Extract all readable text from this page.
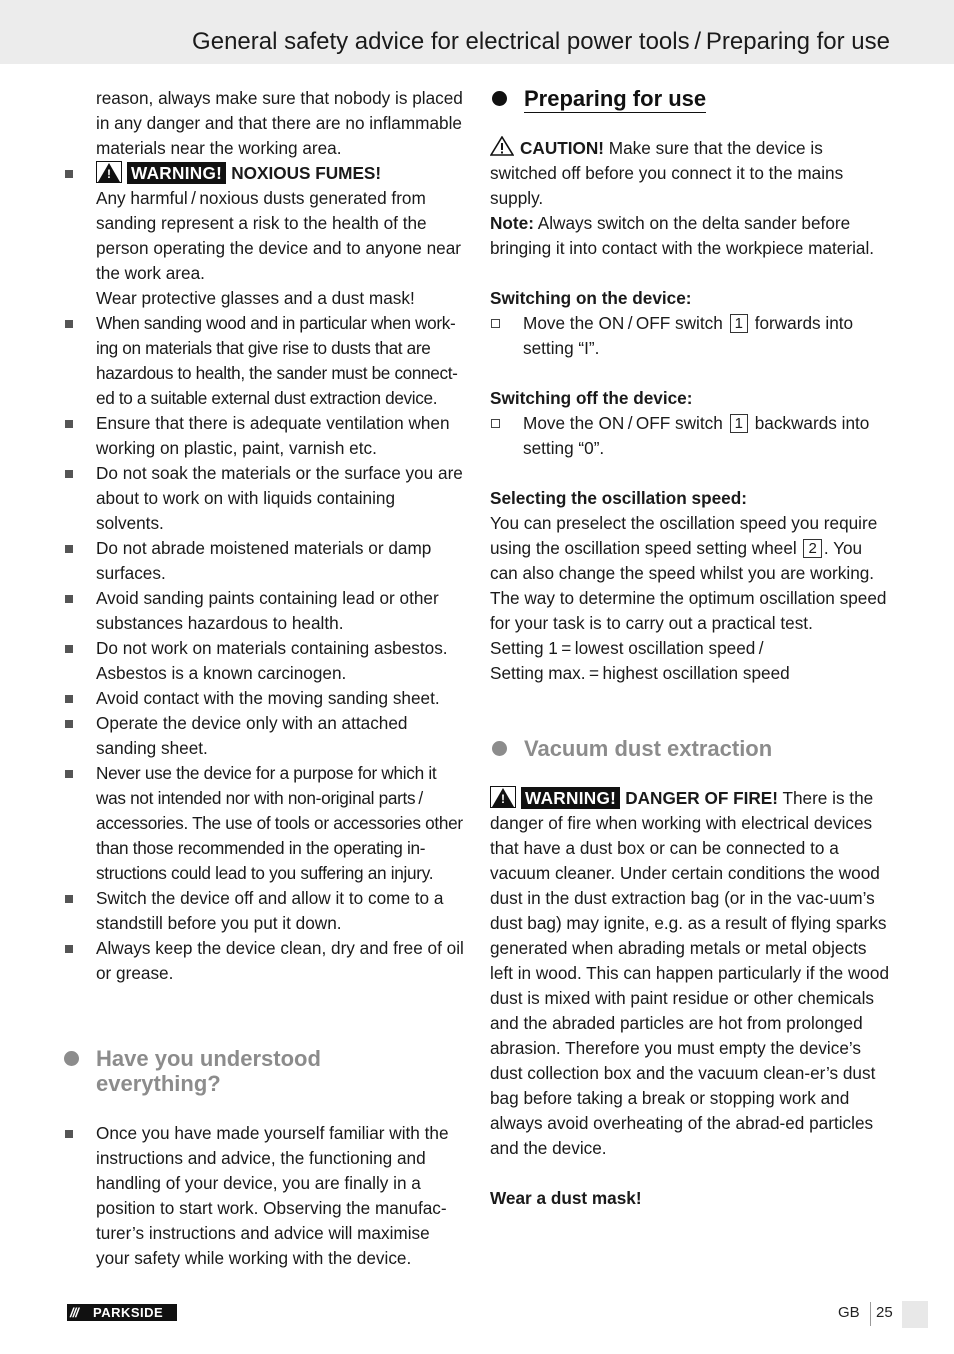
General safety advice for electrical power tools / Preparing for use

reason, always make sure that nobody is placed in any danger and that there are no inflammable materials near the working area.

!	WARNING! NOXIOUS FUMES!
Any harmful / noxious dusts generated from sanding represent a risk to the health of the person operating the device and to anyone near the work area.
Wear protective glasses and a dust mask!
When sanding wood and in particular when work-ing on materials that give rise to dusts that are hazardous to health, the sander must be connect-ed to a suitable external dust extraction device.
Ensure that there is adequate ventilation when working on plastic, paint, varnish etc.
Do not soak the materials or the surface you are about to work on with liquids containing solvents.
Do not abrade moistened materials or damp surfaces.
Avoid sanding paints containing lead or other substances hazardous to health.
Do not work on materials containing asbestos. Asbestos is a known carcinogen.
Avoid contact with the moving sanding sheet.
Operate the device only with an attached sanding sheet.
Never use the device for a purpose for which it was not intended nor with non-original parts / accessories. The use of tools or accessories other than those recommended in the operating in-structions could lead to you suffering an injury.
Switch the device off and allow it to come to a standstill before you put it down.
Always keep the device clean, dry and free of oil or grease.
Have you understood
everything?
Once you have made yourself familiar with the instructions and advice, the functioning and handling of your device, you are finally in a position to start work. Observing the manufac-turer’s instructions and advice will maximise your safety while working with the device.
Preparing for use

CAUTION! Make sure that the device is switched off before you connect it to the mains supply.

Note: Always switch on the delta sander before bringing it into contact with the workpiece material.

Switching on the device:

Move the ON / OFF switch 1 forwards into setting “I”.

Switching off the device:

Move the ON / OFF switch 1 backwards into setting “0”.

Selecting the oscillation speed:

You can preselect the oscillation speed you require using the oscillation speed setting wheel 2 . You can also change the speed whilst you are working. The way to determine the optimum oscillation speed for your task is to carry out a practical test.

Setting 1 = lowest oscillation speed /

Setting max. = highest oscillation speed

Vacuum dust extraction

!	WARNING! DANGER OF FIRE! There is the danger of fire when working with electrical devices that have a dust box or can be connected to a vacuum cleaner. Under certain conditions the wood dust in the dust extraction bag (or in the vac-uum’s dust bag) may ignite, e.g. as a result of flying sparks generated when abrading metals or metal objects left in wood. This can happen particularly if the wood dust is mixed with paint residue or other chemicals and the abraded particles are hot from prolonged abrasion. Therefore you must empty the device’s dust collection box and the vacuum clean-er’s dust bag before taking a break or stopping work and always avoid overheating of the abrad-ed particles and the device.

Wear a dust mask!

/// PARKSIDE	GB 25
